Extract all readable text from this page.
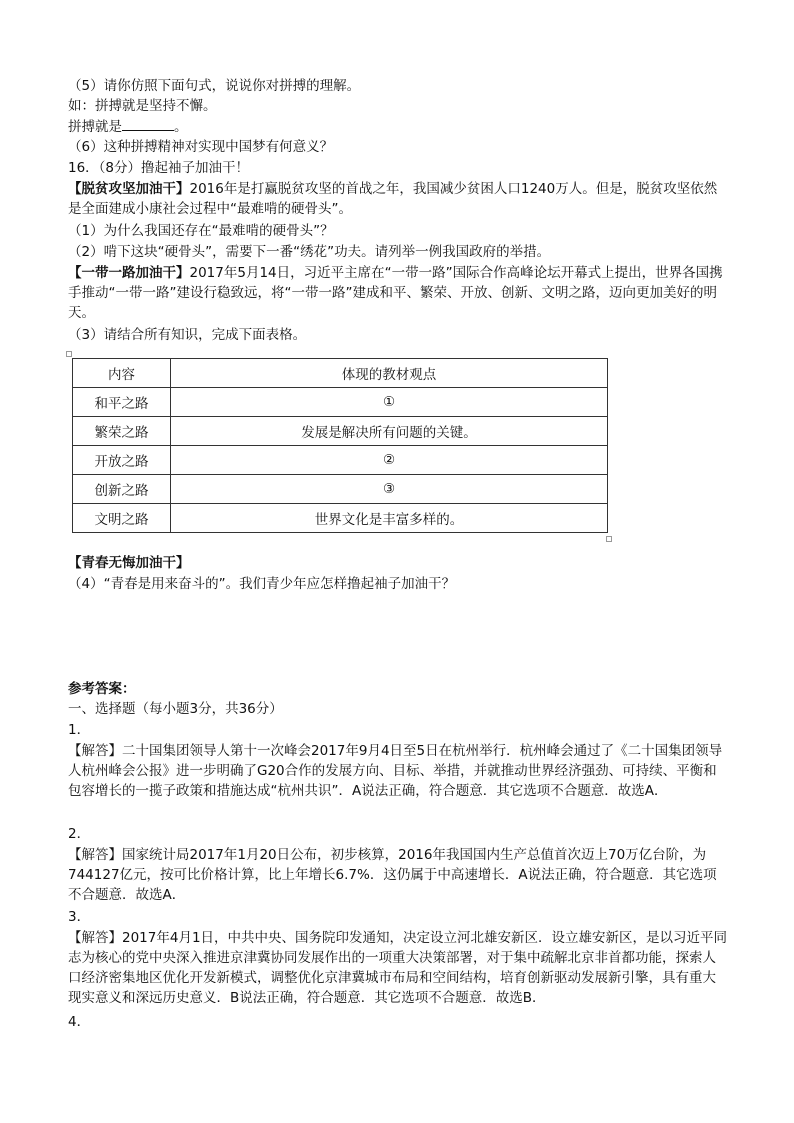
（5）请你仿照下面句式，说说你对拼搏的理解。
如：拼搏就是坚持不懈。
拼搏就是	。
（6）这种拼搏精神对实现中国梦有何意义？
16．（8分）撸起袖子加油干！
【脱贫攻坚加油干】2016年是打赢脱贫攻坚的首战之年，我国减少贫困人口1240万人。但是，脱贫攻坚依然是全面建成小康社会过程中“最难啃的硬骨头”。
（1）为什么我国还存在“最难啃的硬骨头”？
（2）啃下这块“硬骨头”，需要下一番“绣花”功夫。请列举一例我国政府的举措。
【一带一路加油干】2017年5月14日，习近平主席在“一带一路”国际合作高峰论坛开幕式上提出，世界各国携手推动“一带一路”建设行稳致远，将“一带一路”建成和平、繁荣、开放、创新、文明之路，迈向更加美好的明天。
（3）请结合所有知识，完成下面表格。
内容	体现的教材观点
和平之路	①
繁荣之路	发展是解决所有问题的关键。
开放之路	②
创新之路	③
文明之路	世界文化是丰富多样的。
【青春无悔加油干】
（4）“青春是用来奋斗的”。我们青少年应怎样撸起袖子加油干？
参考答案：
一、选择题（每小题3分，共36分）
1．
【解答】二十国集团领导人第十一次峰会2017年9月4日至5日在杭州举行．杭州峰会通过了《二十国集团领导人杭州峰会公报》进一步明确了G20合作的发展方向、目标、举措，并就推动世界经济强劲、可持续、平衡和包容增长的一揽子政策和措施达成“杭州共识”．A说法正确，符合题意．其它选项不合题意．故选A．
2．
【解答】国家统计局2017年1月20日公布，初步核算，2016年我国国内生产总值首次迈上70万亿台阶，为744127亿元，按可比价格计算，比上年增长6.7%．这仍属于中高速增长．A说法正确，符合题意．其它选项不合题意．故选A．
3．
【解答】2017年4月1日，中共中央、国务院印发通知，决定设立河北雄安新区．设立雄安新区，是以习近平同志为核心的党中央深入推进京津冀协同发展作出的一项重大决策部署，对于集中疏解北京非首都功能，探索人口经济密集地区优化开发新模式，调整优化京津冀城市布局和空间结构，培育创新驱动发展新引擎，具有重大现实意义和深远历史意义．B说法正确，符合题意．其它选项不合题意．故选B．
4．
